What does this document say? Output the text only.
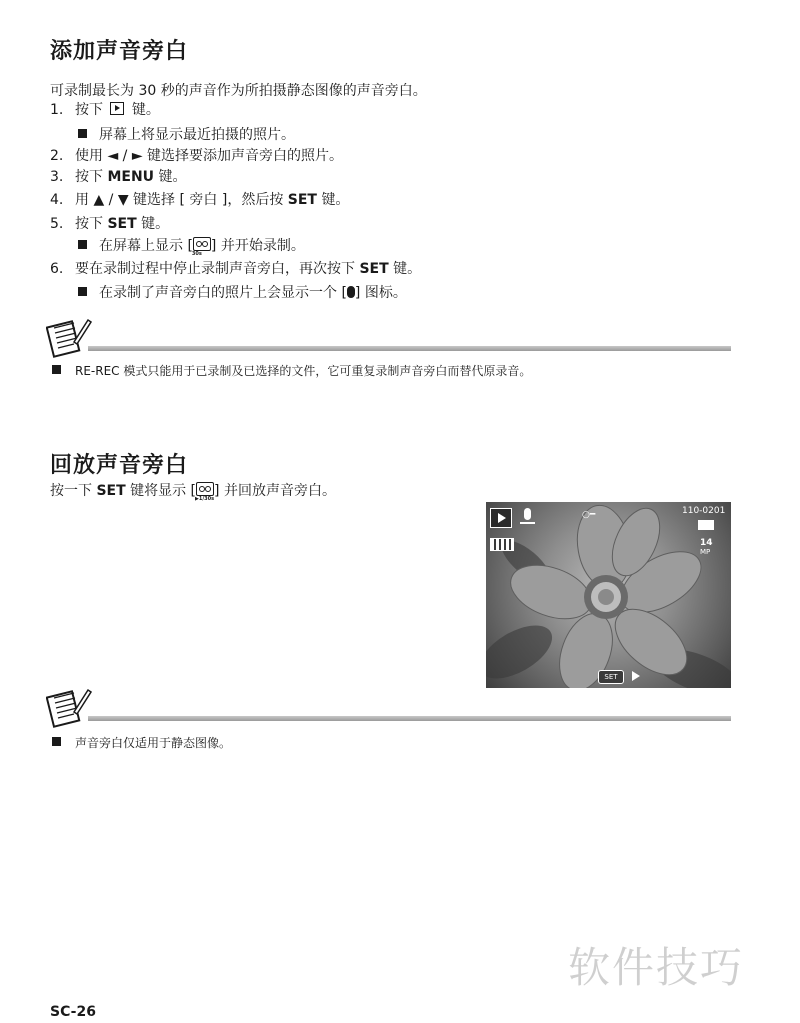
添加声音旁白
可录制最长为 30 秒的声音作为所拍摄静态图像的声音旁白。
1. 按下 键。
屏幕上将显示最近拍摄的照片。
2. 使用 ◄ / ► 键选择要添加声音旁白的照片。
3. 按下 MENU 键。
4. 用 ▲ / ▼ 键选择 [ 旁白 ]，然后按 SET 键。
5. 按下 SET 键。
在屏幕上显示 [ 30s ] 并开始录制。
6. 要在录制过程中停止录制声音旁白，再次按下 SET 键。
在录制了声音旁白的照片上会显示一个 [ ] 图标。
RE-REC 模式只能用于已录制及已选择的文件，它可重复录制声音旁白而替代原录音。
回放声音旁白
按一下 SET 键将显示 [ ▶1/30s ] 并回放声音旁白。
○━	110-0201
14
MP
SET
声音旁白仅适用于静态图像。
软件技巧
SC-26
